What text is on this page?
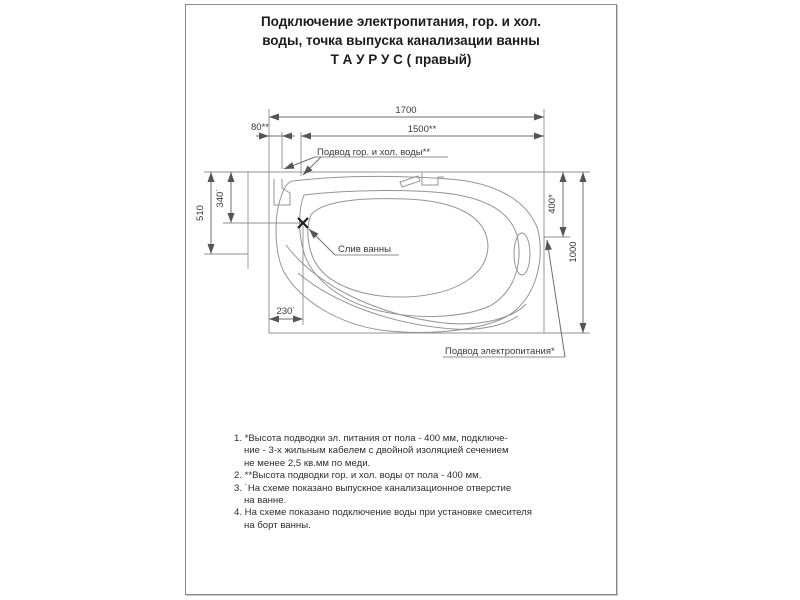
Подключение электропитания, гор. и хол.
воды, точка выпуска канализации ванны
Т А У Р У С ( правый)
1700
80**	1500**
Подвод гор. и хол. воды**
510
340˙
Слив ванны
230˙
400*
1000
Подвод электропитания*
1. *Высота подводки эл. питания от пола - 400 мм, подключе-
ние - 3-х жильным кабелем с двойной изоляцией сечением
не менее 2,5 кв.мм по меди.
2. **Высота подводки гор. и хол. воды от пола - 400 мм.
3. ˙На схеме показано выпускное канализационное отверстие
на ванне.
4. На схеме показано подключение воды при установке смесителя
на борт ванны.
